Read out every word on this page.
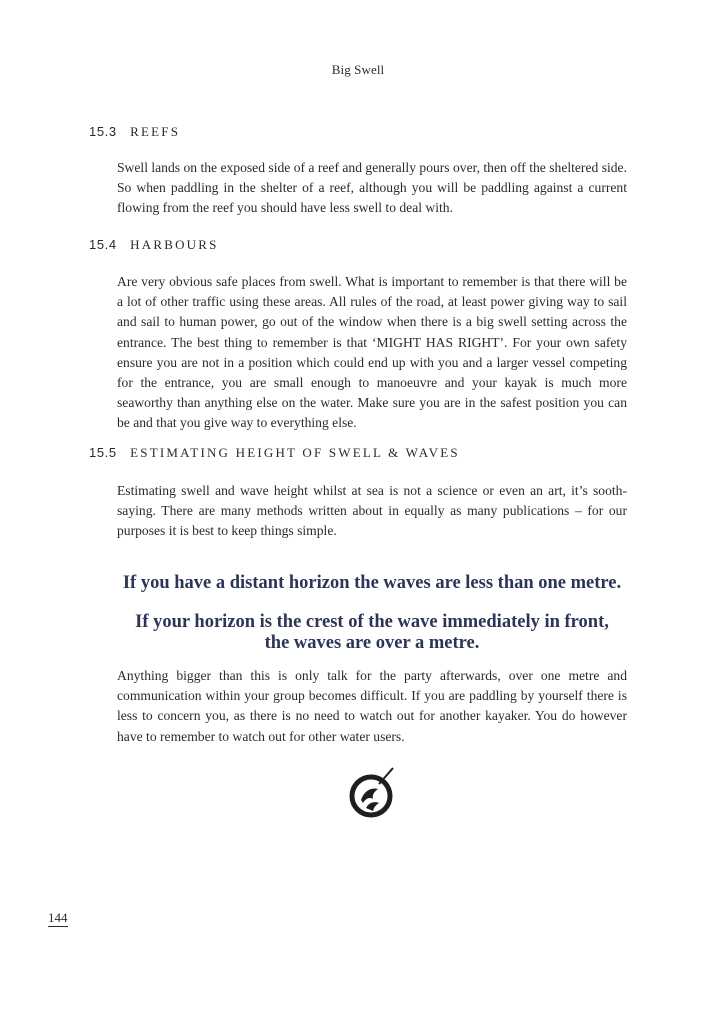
Big Swell
15.3 REEFS

Swell lands on the exposed side of a reef and generally pours over, then off the sheltered side. So when paddling in the shelter of a reef, although you will be paddling against a current flowing from the reef you should have less swell to deal with.

15.4 HARBOURS

Are very obvious safe places from swell. What is important to remember is that there will be a lot of other traffic using these areas. All rules of the road, at least power giving way to sail and sail to human power, go out of the window when there is a big swell setting across the entrance. The best thing to remember is that ‘MIGHT HAS RIGHT’. For your own safety ensure you are not in a position which could end up with you and a larger vessel competing for the entrance, you are small enough to manoeuvre and your kayak is much more seaworthy than anything else on the water. Make sure you are in the safest position you can be and that you give way to everything else.

15.5 ESTIMATING HEIGHT OF SWELL & WAVES

Estimating swell and wave height whilst at sea is not a science or even an art, it’s sooth-saying. There are many methods written about in equally as many publications – for our purposes it is best to keep things simple.

If you have a distant horizon the waves are less than one metre.
If your horizon is the crest of the wave immediately in front,
the waves are over a metre.

Anything bigger than this is only talk for the party afterwards, over one metre and communication within your group becomes difficult. If you are paddling by yourself there is less to concern you, as there is no need to watch out for another kayaker. You do however have to remember to watch out for other water users.

144
